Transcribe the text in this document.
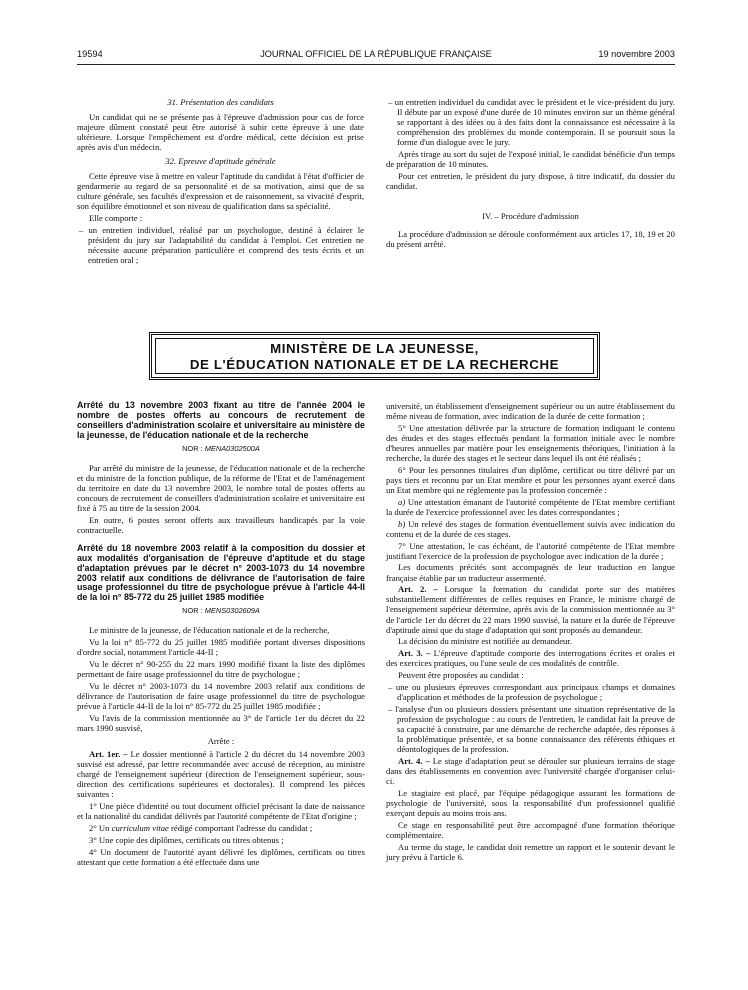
19594	JOURNAL OFFICIEL DE LA RÉPUBLIQUE FRANÇAISE	19 novembre 2003

31. Présentation des candidats

Un candidat qui ne se présente pas à l'épreuve d'admission pour cas de force majeure dûment constaté peut être autorisé à subir cette épreuve à une date ultérieure. Lorsque l'empêchement est d'ordre médical, cette décision est prise après avis d'un médecin.

32. Epreuve d'aptitude générale

Cette épreuve vise à mettre en valeur l'aptitude du candidat à l'état d'officier de gendarmerie au regard de sa personnalité et de sa motivation, ainsi que de sa culture générale, ses facultés d'expression et de raisonnement, sa vivacité d'esprit, son équilibre émotionnel et son niveau de qualification dans sa spécialité.

Elle comporte :

– un entretien individuel, réalisé par un psychologue, destiné à éclairer le président du jury sur l'adaptabilité du candidat à l'emploi. Cet entretien ne nécessite aucune préparation particulière et comprend des tests écrits et un entretien oral ;

– un entretien individuel du candidat avec le président et le vice-président du jury. Il débute par un exposé d'une durée de 10 minutes environ sur un thème général se rapportant à des idées ou à des faits dont la connaissance est nécessaire à la compréhension des problèmes du monde contemporain. Il se poursuit sous la forme d'un dialogue avec le jury.

Après tirage au sort du sujet de l'exposé initial, le candidat bénéficie d'un temps de préparation de 10 minutes.

Pour cet entretien, le président du jury dispose, à titre indicatif, du dossier du candidat.

IV. – Procédure d'admission

La procédure d'admission se déroule conformément aux articles 17, 18, 19 et 20 du présent arrêté.

MINISTÈRE DE LA JEUNESSE,
DE L'ÉDUCATION NATIONALE ET DE LA RECHERCHE
Arrêté du 13 novembre 2003 fixant au titre de l'année 2004 le nombre de postes offerts au concours de recrutement de conseillers d'administration scolaire et universitaire au ministère de la jeunesse, de l'éducation nationale et de la recherche

NOR : MENA0302500A

Par arrêté du ministre de la jeunesse, de l'éducation nationale et de la recherche et du ministre de la fonction publique, de la réforme de l'Etat et de l'aménagement du territoire en date du 13 novembre 2003, le nombre total de postes offerts au concours de recrutement de conseillers d'administration scolaire et universitaire est fixé à 75 au titre de la session 2004.

En outre, 6 postes seront offerts aux travailleurs handicapés par la voie contractuelle.

Arrêté du 18 novembre 2003 relatif à la composition du dossier et aux modalités d'organisation de l'épreuve d'aptitude et du stage d'adaptation prévues par le décret n° 2003-1073 du 14 novembre 2003 relatif aux conditions de délivrance de l'autorisation de faire usage professionnel du titre de psychologue prévue à l'article 44-II de la loi n° 85-772 du 25 juillet 1985 modifiée

NOR : MENS0302609A

Le ministre de la jeunesse, de l'éducation nationale et de la recherche,

Vu la loi n° 85-772 du 25 juillet 1985 modifiée portant diverses dispositions d'ordre social, notamment l'article 44-II ;

Vu le décret n° 90-255 du 22 mars 1990 modifié fixant la liste des diplômes permettant de faire usage professionnel du titre de psychologue ;

Vu le décret n° 2003-1073 du 14 novembre 2003 relatif aux conditions de délivrance de l'autorisation de faire usage professionnel du titre de psychologue prévue à l'article 44-II de la loi n° 85-772 du 25 juillet 1985 modifiée ;

Vu l'avis de la commission mentionnée au 3° de l'article 1er du décret du 22 mars 1990 susvisé,

Arrête :

Art. 1er. – Le dossier mentionné à l'article 2 du décret du 14 novembre 2003 susvisé est adressé, par lettre recommandée avec accusé de réception, au ministre chargé de l'enseignement supérieur (direction de l'enseignement supérieur, sous-direction des certifications supérieures et doctorales). Il comprend les pièces suivantes :

1° Une pièce d'identité ou tout document officiel précisant la date de naissance et la nationalité du candidat délivrés par l'autorité compétente de l'Etat d'origine ;

2° Un curriculum vitae rédigé comportant l'adresse du candidat ;

3° Une copie des diplômes, certificats ou titres obtenus ;

4° Un document de l'autorité ayant délivré les diplômes, certificats ou titres attestant que cette formation a été effectuée dans une

université, un établissement d'enseignement supérieur ou un autre établissement du même niveau de formation, avec indication de la durée de cette formation ;

5° Une attestation délivrée par la structure de formation indiquant le contenu des études et des stages effectués pendant la formation initiale avec le nombre d'heures annuelles par matière pour les enseignements théoriques, l'initiation à la recherche, la durée des stages et le secteur dans lequel ils ont été réalisés ;

6° Pour les personnes titulaires d'un diplôme, certificat ou titre délivré par un pays tiers et reconnu par un Etat membre et pour les personnes ayant exercé dans un Etat membre qui ne réglemente pas la profession concernée :

a) Une attestation émanant de l'autorité compétente de l'Etat membre certifiant la durée de l'exercice professionnel avec les dates correspondantes ;

b) Un relevé des stages de formation éventuellement suivis avec indication du contenu et de la durée de ces stages.

7° Une attestation, le cas échéant, de l'autorité compétente de l'Etat membre justifiant l'exercice de la profession de psychologue avec indication de la durée ;

Les documents précités sont accompagnés de leur traduction en langue française établie par un traducteur assermenté.

Art. 2. – Lorsque la formation du candidat porte sur des matières substantiellement différentes de celles requises en France, le ministre chargé de l'enseignement supérieur détermine, après avis de la commission mentionnée au 3° de l'article 1er du décret du 22 mars 1990 susvisé, la nature et la durée de l'épreuve d'aptitude ainsi que du stage d'adaptation qui sont proposés au demandeur.

La décision du ministre est notifiée au demandeur.

Art. 3. – L'épreuve d'aptitude comporte des interrogations écrites et orales et des exercices pratiques, ou l'une seule de ces modalités de contrôle.

Peuvent être proposées au candidat :

– une ou plusieurs épreuves correspondant aux principaux champs et domaines d'application et méthodes de la profession de psychologue ;

– l'analyse d'un ou plusieurs dossiers présentant une situation représentative de la profession de psychologue : au cours de l'entretien, le candidat fait la preuve de sa capacité à construire, par une démarche de recherche adaptée, des réponses à la problématique présentée, et sa bonne connaissance des référents éthiques et déontologiques de la profession.

Art. 4. – Le stage d'adaptation peut se dérouler sur plusieurs terrains de stage dans des établissements en convention avec l'université chargée d'organiser celui-ci.

Le stagiaire est placé, par l'équipe pédagogique assurant les formations de psychologie de l'université, sous la responsabilité d'un professionnel qualifié exerçant depuis au moins trois ans.

Ce stage en responsabilité peut être accompagné d'une formation théorique complémentaire.

Au terme du stage, le candidat doit remettre un rapport et le soutenir devant le jury prévu à l'article 6.
